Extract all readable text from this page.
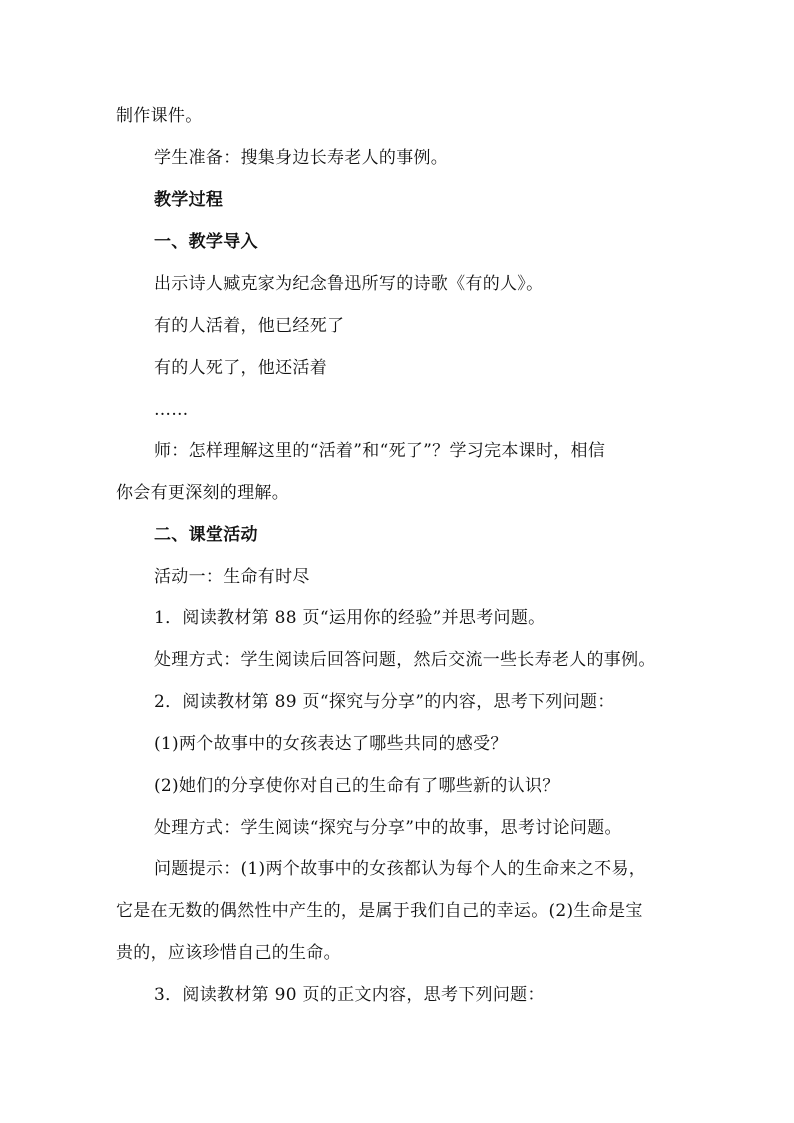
制作课件。
学生准备：搜集身边长寿老人的事例。
教学过程
一、教学导入
出示诗人臧克家为纪念鲁迅所写的诗歌《有的人》。
有的人活着，他已经死了
有的人死了，他还活着
……
师：怎样理解这里的“活着”和“死了”？学习完本课时，相信
你会有更深刻的理解。
二、课堂活动
活动一：生命有时尽
1．阅读教材第 88 页“运用你的经验”并思考问题。
处理方式：学生阅读后回答问题，然后交流一些长寿老人的事例。
2．阅读教材第 89 页“探究与分享”的内容，思考下列问题：
(1)两个故事中的女孩表达了哪些共同的感受？
(2)她们的分享使你对自己的生命有了哪些新的认识？
处理方式：学生阅读“探究与分享”中的故事，思考讨论问题。
问题提示：(1)两个故事中的女孩都认为每个人的生命来之不易，
它是在无数的偶然性中产生的，是属于我们自己的幸运。(2)生命是宝
贵的，应该珍惜自己的生命。
3．阅读教材第 90 页的正文内容，思考下列问题：
